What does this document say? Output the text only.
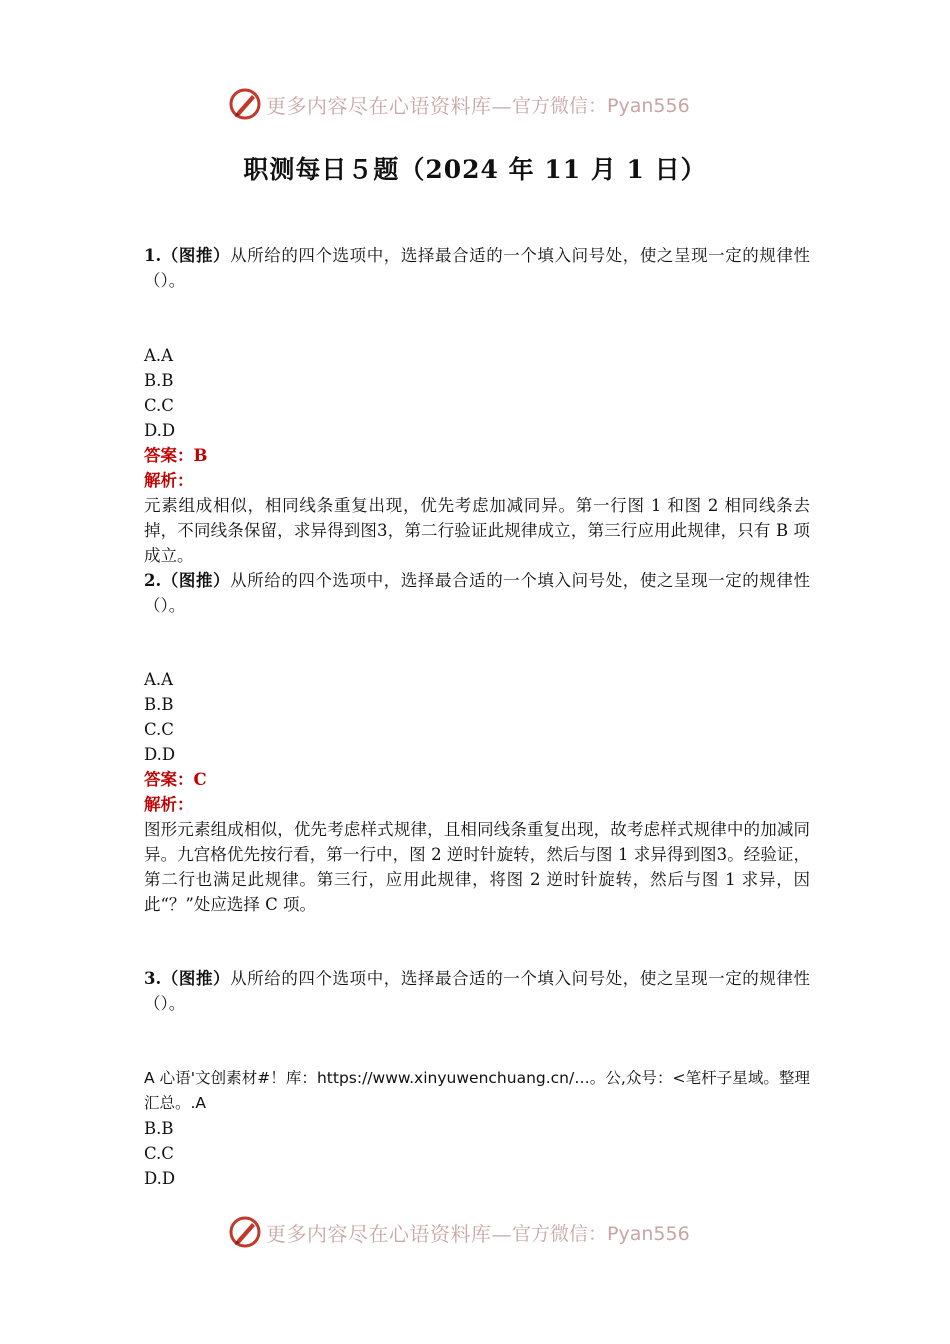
更多内容尽在心语资料库— 官方微信：Pyan556
职测每日５题（2024 年 11 月 1 日）
1.（图推）从所给的四个选项中，选择最合适的一个填入问号处，使之呈现一定的规律性（）。
A.A
B.B
C.C
D.D
答案：B
解析：
元素组成相似，相同线条重复出现，优先考虑加减同异。第一行图 1 和图 2 相同线条去掉，不同线条保留，求异得到图3，第二行验证此规律成立，第三行应用此规律，只有 B 项成立。
2.（图推）从所给的四个选项中，选择最合适的一个填入问号处，使之呈现一定的规律性（）。
A.A
B.B
C.C
D.D
答案：C
解析：
图形元素组成相似，优先考虑样式规律，且相同线条重复出现，故考虑样式规律中的加减同异。九宫格优先按行看，第一行中，图 2 逆时针旋转，然后与图 1 求异得到图3。经验证，第二行也满足此规律。第三行，应用此规律，将图 2 逆时针旋转，然后与图 1 求异，因此“？”处应选择 C 项。
3.（图推）从所给的四个选项中，选择最合适的一个填入问号处，使之呈现一定的规律性（）。
A 心语'文创素材#！库：https://www.xinyuwenchuang.cn/…。公,众号：<笔杆子星域。整理汇总。.A
B.B
C.C
D.D
更多内容尽在心语资料库— 官方微信：Pyan556
